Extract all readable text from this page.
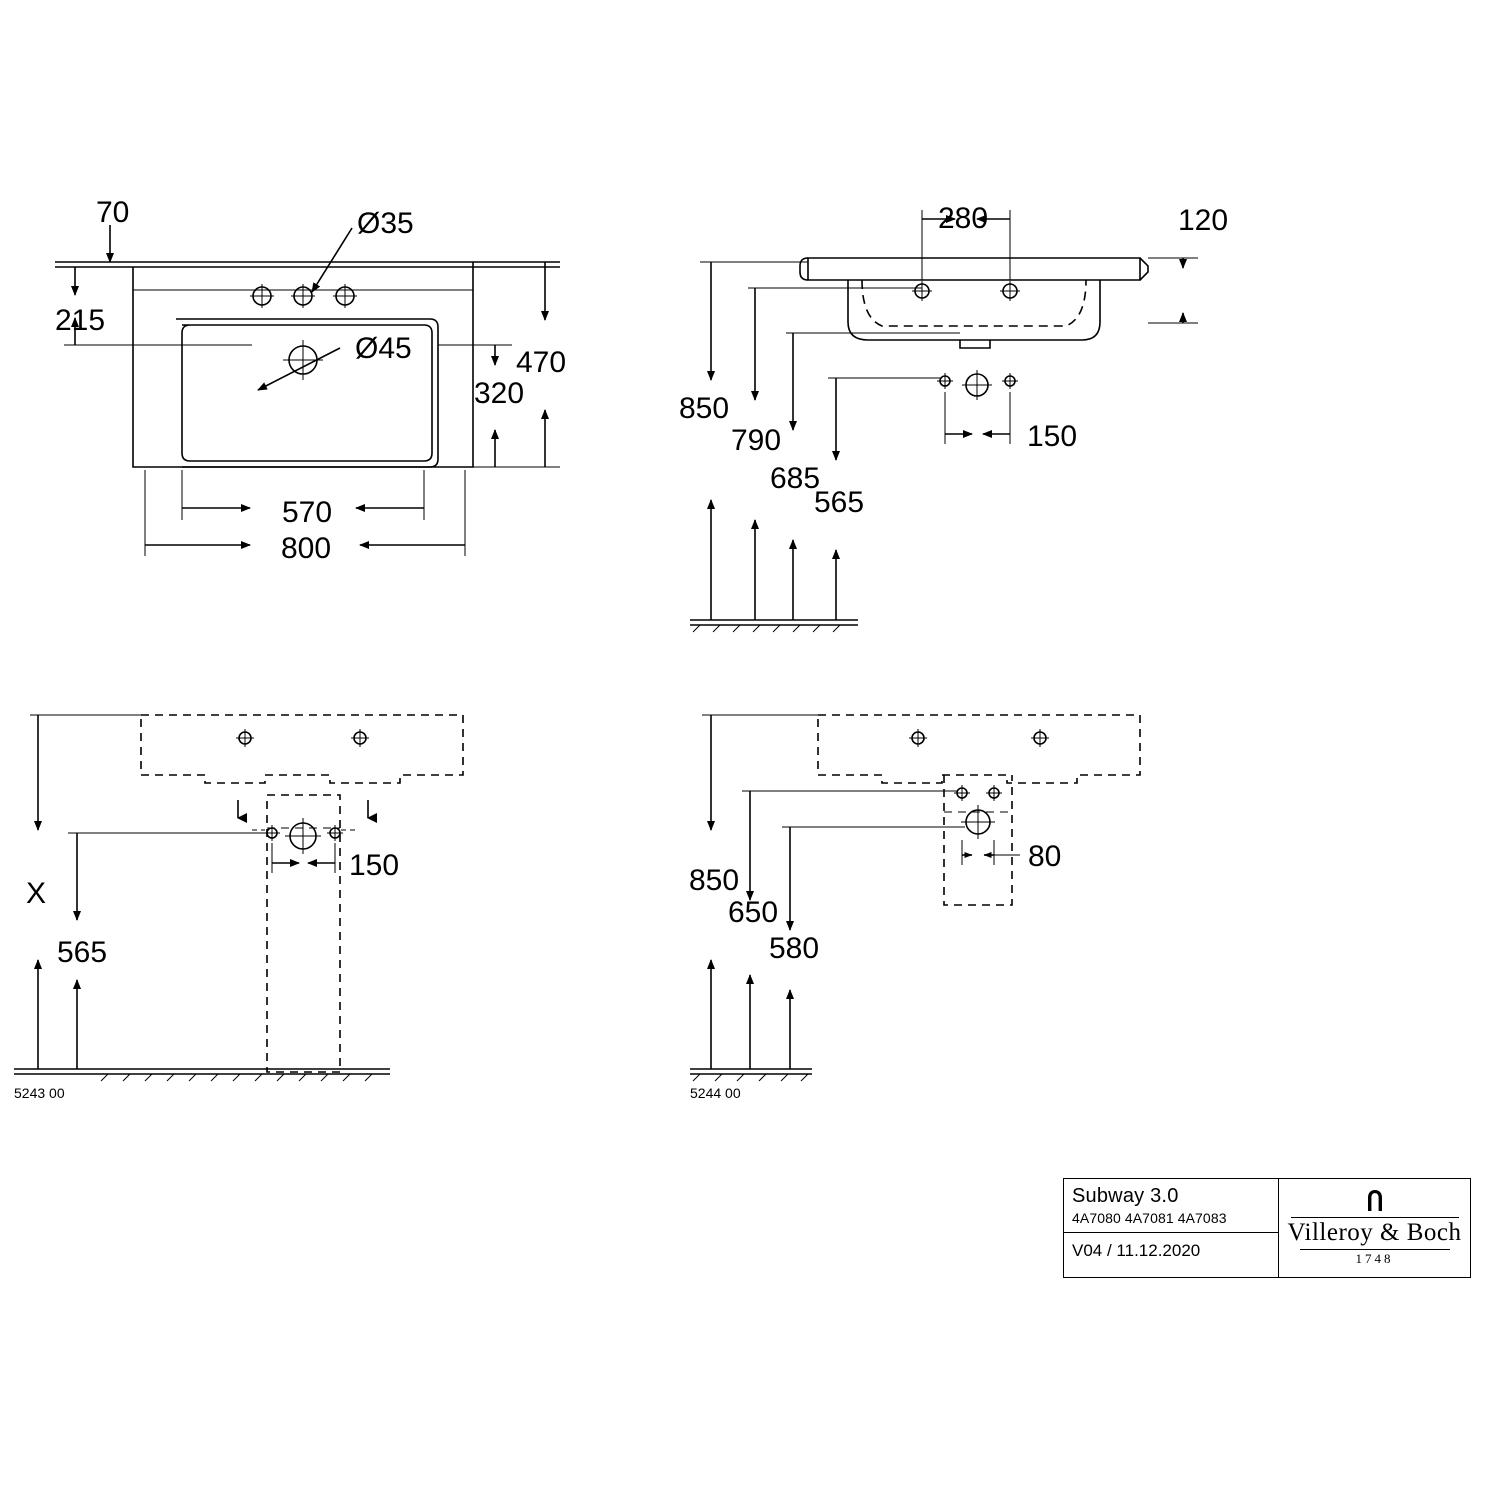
70
215
Ø35
Ø45
320
470
570
800
280	120
150
850
790
685
565
150
X
565
5243 00
80
850
650
580
5244 00
Subway 3.0
4A7080 4A7081 4A7083
V04 / 11.12.2020
Villeroy & Boch
1748
